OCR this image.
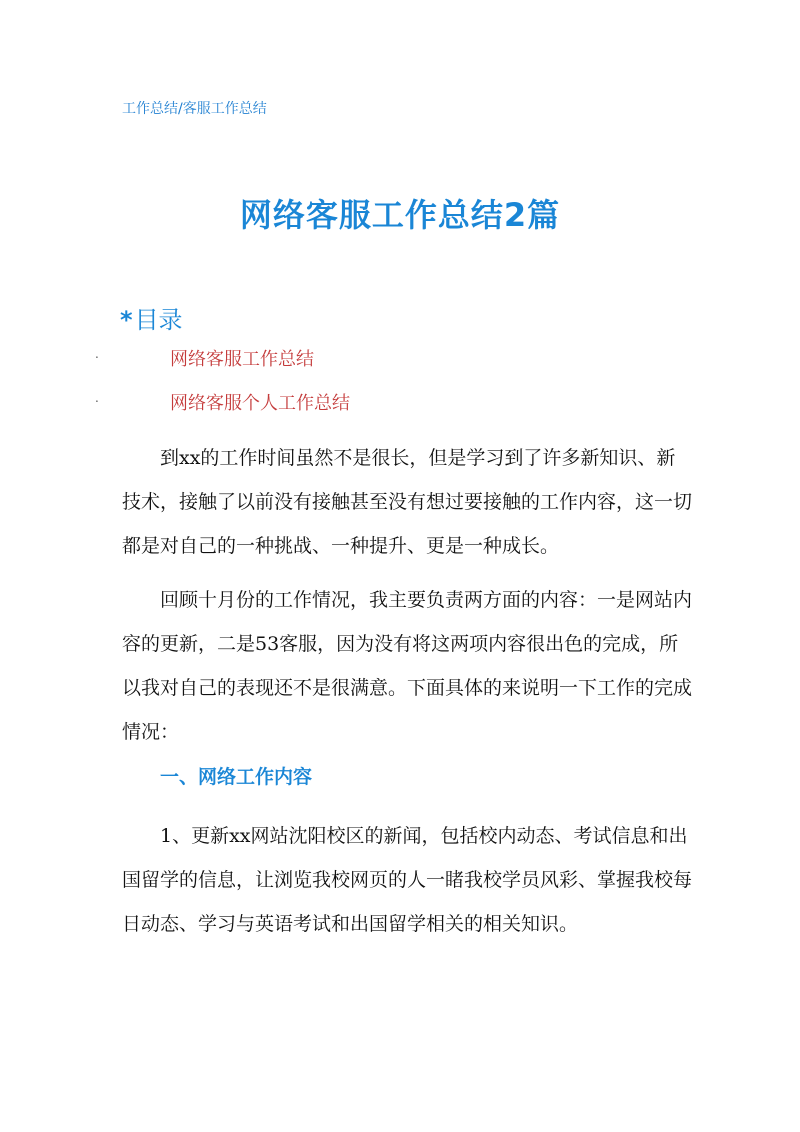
工作总结/客服工作总结
网络客服工作总结2篇
*目录
.	网络客服工作总结
.	网络客服个人工作总结

到xx的工作时间虽然不是很长，但是学习到了许多新知识、新技术，接触了以前没有接触甚至没有想过要接触的工作内容，这一切都是对自己的一种挑战、一种提升、更是一种成长。

回顾十月份的工作情况，我主要负责两方面的内容：一是网站内容的更新，二是53客服，因为没有将这两项内容很出色的完成，所以我对自己的表现还不是很满意。下面具体的来说明一下工作的完成情况：

一、网络工作内容

1、更新xx网站沈阳校区的新闻，包括校内动态、考试信息和出国留学的信息，让浏览我校网页的人一睹我校学员风彩、掌握我校每日动态、学习与英语考试和出国留学相关的相关知识。
